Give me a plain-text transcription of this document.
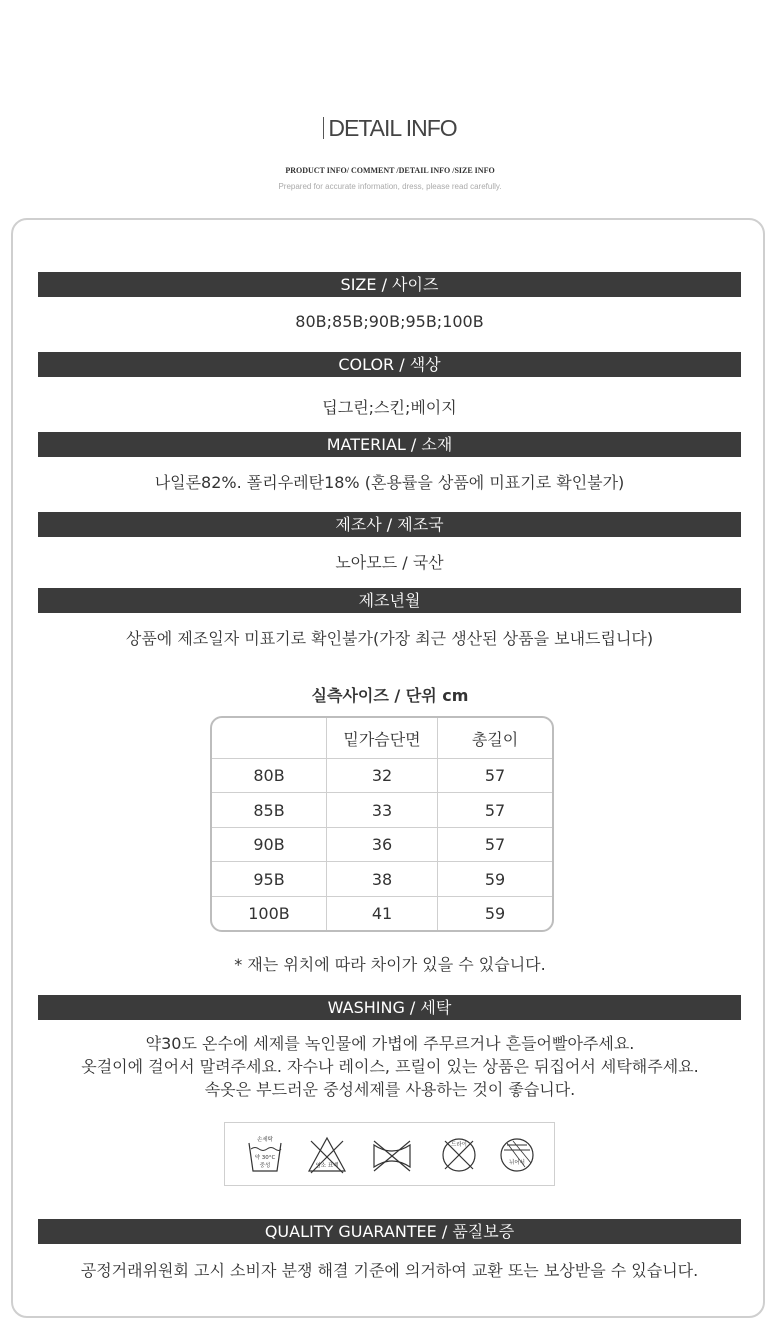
DETAIL INFO
PRODUCT INFO/ COMMENT /DETAIL INFO /SIZE INFO
Prepared for accurate information, dress, please read carefully.
SIZE / 사이즈
80B;85B;90B;95B;100B
COLOR / 색상
딥그린;스킨;베이지
MATERIAL / 소재
나일론82%. 폴리우레탄18% (혼용률을 상품에 미표기로 확인불가)
제조사 / 제조국
노아모드 / 국산
제조년월
상품에 제조일자 미표기로 확인불가(가장 최근 생산된 상품을 보내드립니다)
실측사이즈 / 단위 cm
	밑가슴단면	총길이
80B	32	57
85B	33	57
90B	36	57
95B	38	59
100B	41	59
* 재는 위치에 따라 차이가 있을 수 있습니다.
WASHING / 세탁
약30도 온수에 세제를 녹인물에 가볍에 주무르거나 흔들어빨아주세요.
옷걸이에 걸어서 말려주세요. 자수나 레이스, 프릴이 있는 상품은 뒤집어서 세탁해주세요.
속옷은 부드러운 중성세제를 사용하는 것이 좋습니다.
손세탁
약 30°C
중성	염소 표백
드라이
뉘어서
QUALITY GUARANTEE / 품질보증
공정거래위원회 고시 소비자 분쟁 해결 기준에 의거하여 교환 또는 보상받을 수 있습니다.
